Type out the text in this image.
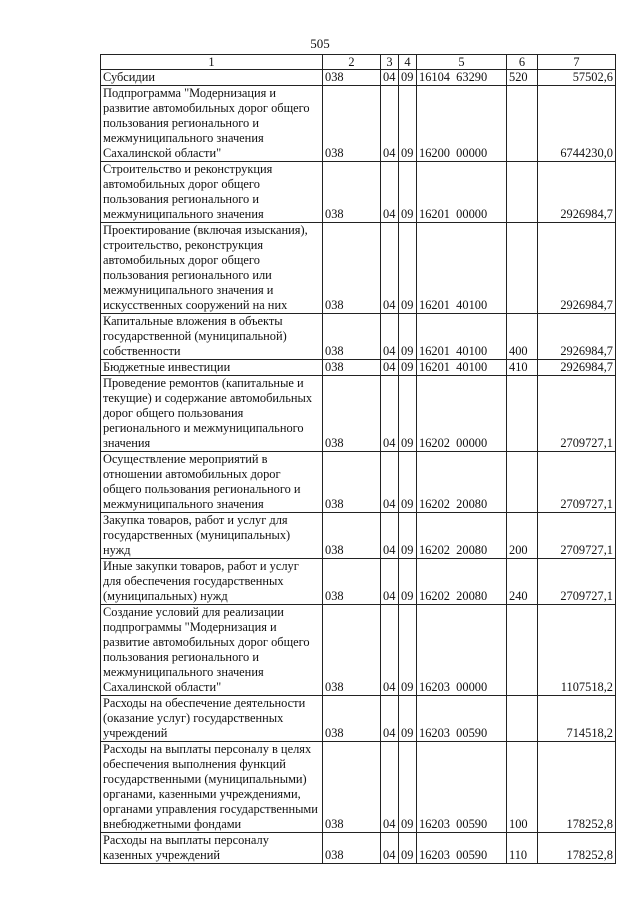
505
1	2	3	4	5	6	7
Субсидии	038	04	09	16104  63290	520	57502,6
Подпрограмма "Модернизация и развитие автомобильных дорог общего пользования регионального и межмуниципального значения Сахалинской области"	038	04	09	16200  00000		6744230,0
Строительство и реконструкция автомобильных дорог общего пользования регионального и межмуниципального значения	038	04	09	16201  00000		2926984,7
Проектирование (включая изыскания), строительство, реконструкция автомобильных дорог общего пользования регионального или межмуниципального значения и искусственных сооружений на них	038	04	09	16201  40100		2926984,7
Капитальные вложения в объекты государственной (муниципальной) собственности	038	04	09	16201  40100	400	2926984,7
Бюджетные инвестиции	038	04	09	16201  40100	410	2926984,7
Проведение ремонтов (капитальные и текущие) и содержание автомобильных дорог общего пользования регионального и межмуниципального значения	038	04	09	16202  00000		2709727,1
Осуществление мероприятий в отношении автомобильных дорог общего пользования регионального и межмуниципального значения	038	04	09	16202  20080		2709727,1
Закупка товаров, работ и услуг для государственных (муниципальных) нужд	038	04	09	16202  20080	200	2709727,1
Иные закупки товаров, работ и услуг для обеспечения государственных (муниципальных) нужд	038	04	09	16202  20080	240	2709727,1
Создание условий для реализации подпрограммы "Модернизация и развитие автомобильных дорог общего пользования регионального и межмуниципального значения Сахалинской области"	038	04	09	16203  00000		1107518,2
Расходы на обеспечение деятельности (оказание услуг) государственных учреждений	038	04	09	16203  00590		714518,2
Расходы на выплаты персоналу в целях обеспечения выполнения функций государственными (муниципальными) органами, казенными учреждениями, органами управления государственными внебюджетными фондами	038	04	09	16203  00590	100	178252,8
Расходы на выплаты персоналу казенных учреждений	038	04	09	16203  00590	110	178252,8
